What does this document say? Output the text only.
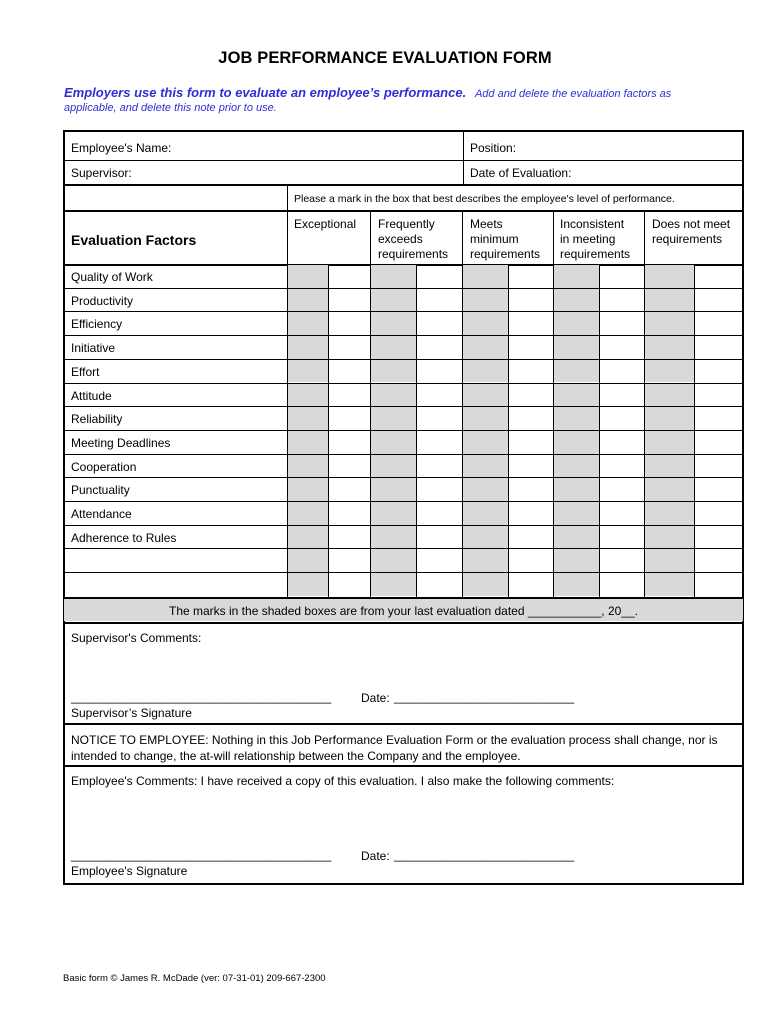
JOB PERFORMANCE EVALUATION FORM
Employers use this form to evaluate an employee’s performance. Add and delete the evaluation factors as applicable, and delete this note prior to use.
Employee's Name:	Position:
Supervisor:	Date of Evaluation:
Please a mark in the box that best describes the employee's level of performance.
Evaluation Factors
Exceptional Frequently
exceeds
requirements
Meets
minimum
requirements
Inconsistent
in meeting
requirements
Does not meet
requirements
Quality of Work
Productivity
Efficiency
Initiative
Effort
Attitude
Reliability
Meeting Deadlines
Cooperation
Punctuality
Attendance
Adherence to Rules
The marks in the shaded boxes are from your last evaluation dated ___________, 20__.
Supervisor's Comments:
_______________________________________ Date: ___________________________
Supervisor’s Signature
NOTICE TO EMPLOYEE: Nothing in this Job Performance Evaluation Form or the evaluation process shall change, nor is intended to change, the at-will relationship between the Company and the employee.
Employee's Comments: I have received a copy of this evaluation. I also make the following comments:
_______________________________________ Date: ___________________________
Employee's Signature
Basic form © James R. McDade (ver: 07-31-01) 209-667-2300
